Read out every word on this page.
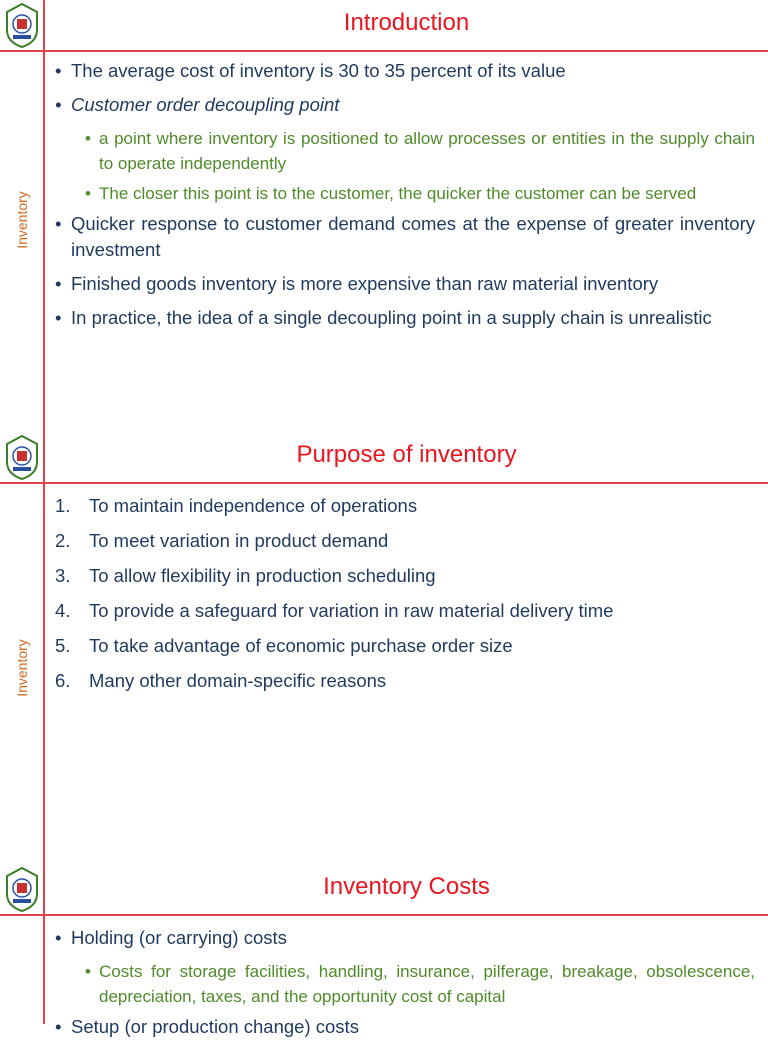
Introduction
Inventory
• The average cost of inventory is 30 to 35 percent of its value
• Customer order decoupling point
• a point where inventory is positioned to allow processes or entities in the supply chain to operate independently
• The closer this point is to the customer, the quicker the customer can be served
• Quicker response to customer demand comes at the expense of greater inventory investment
• Finished goods inventory is more expensive than raw material inventory
• In practice, the idea of a single decoupling point in a supply chain is unrealistic
Purpose of inventory
Inventory
1.	To maintain independence of operations
2.	To meet variation in product demand
3.	To allow flexibility in production scheduling
4.	To provide a safeguard for variation in raw material delivery time
5.	To take advantage of economic purchase order size
6.	Many other domain-specific reasons
Inventory Costs
• Holding (or carrying) costs
• Costs for storage facilities, handling, insurance, pilferage, breakage, obsolescence, depreciation, taxes, and the opportunity cost of capital
• Setup (or production change) costs
